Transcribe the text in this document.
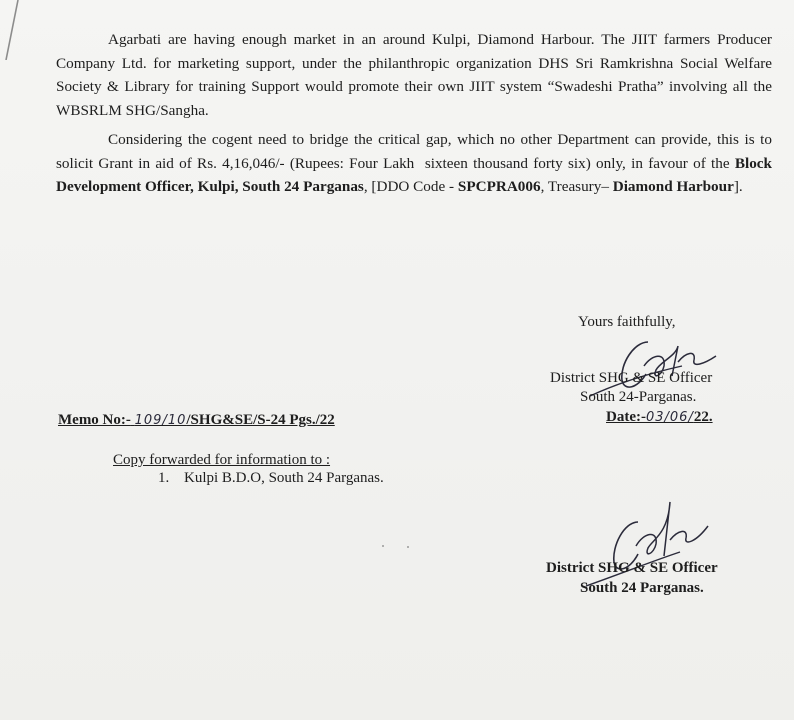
Agarbati are having enough market in an around Kulpi, Diamond Harbour. The JIIT farmers Producer Company Ltd. for marketing support, under the philanthropic organization DHS Sri Ramkrishna Social Welfare Society & Library for training Support would promote their own JIIT system “Swadeshi Pratha” involving all the WBSRLM SHG/Sangha.

Considering the cogent need to bridge the critical gap, which no other Department can provide, this is to solicit Grant in aid of Rs. 4,16,046/- (Rupees: Four Lakh  sixteen thousand forty six) only, in favour of the Block Development Officer, Kulpi, South 24 Parganas, [DDO Code - SPCPRA006, Treasury– Diamond Harbour].

Yours faithfully,
District SHG & SE Officer
South 24-Parganas.
Date:-03/06/22.
Memo No:- 109/10/SHG&SE/S-24 Pgs./22
Copy forwarded for information to :
1. Kulpi B.D.O, South 24 Parganas.
District SHG & SE Officer
South 24 Parganas.
